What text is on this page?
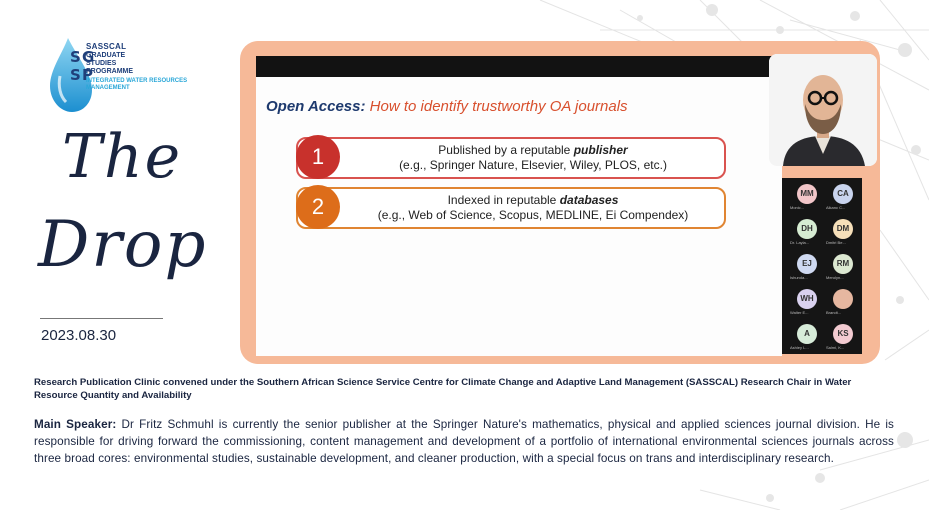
S G
S P
SASSCAL
GRADUATE STUDIES PROGRAMME
INTEGRATED WATER RESOURCES MANAGEMENT
The
Drop
2023.08.30
Open Access: How to identify trustworthy OA journals
1	Published by a reputable publisher
(e.g., Springer Nature, Elsevier, Wiley, PLOS, etc.)
2	Indexed in reputable databases
(e.g., Web of Science, Scopus, MEDLINE, Ei Compendex)
MM
Monic...
CA
Alkanc C...
DH
Dr. Layla...
DM
Dmitri Be...
EJ
Ishunda...
RM
Merolyn...
WH
Walter E...	Brandt...
A
Ashley L...
KS
Salmi, K...
Research Publication Clinic convened under the Southern African Science Service Centre for Climate Change and Adaptive Land Management (SASSCAL) Research Chair in Water Resource Quantity and Availability
Main Speaker: Dr Fritz Schmuhl is currently the senior publisher at the Springer Nature's mathematics, physical and applied sciences journal division. He is responsible for driving forward the commissioning, content management and development of a portfolio of international environmental sciences journals across three broad cores: environmental studies, sustainable development, and cleaner production, with a special focus on trans and interdisciplinary research.
